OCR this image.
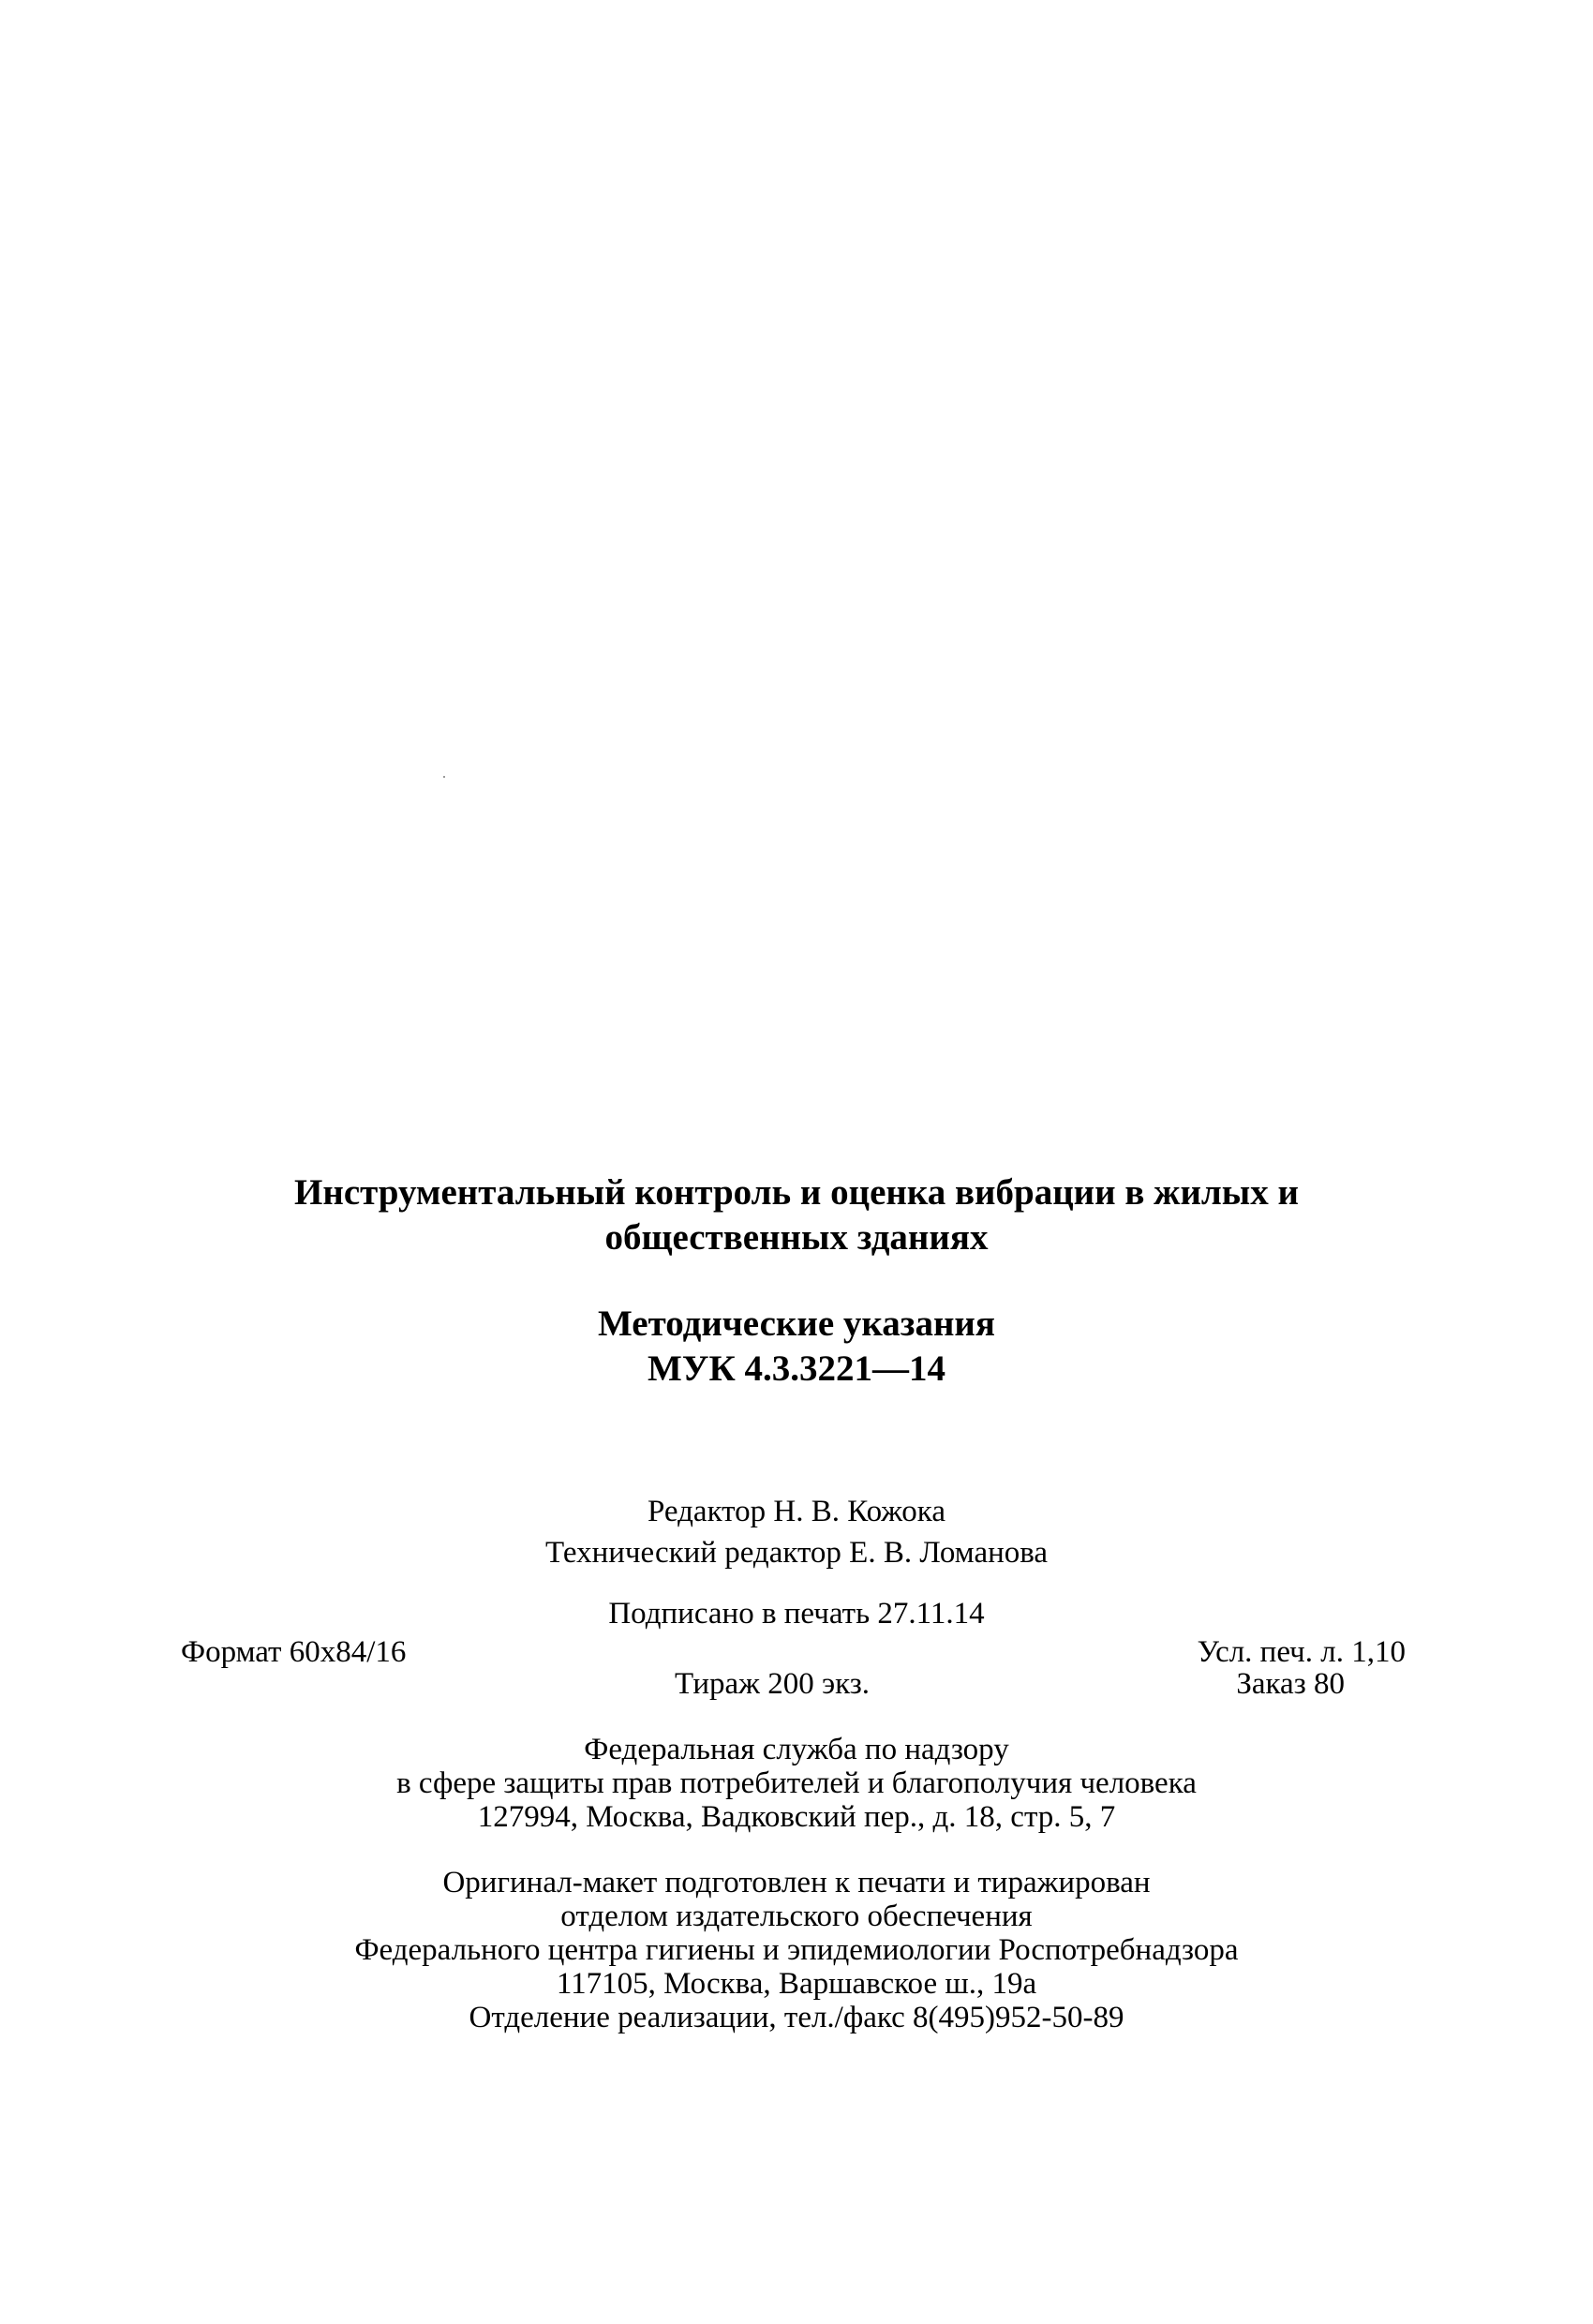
Инструментальный контроль и оценка вибрации в жилых и
общественных зданиях
Методические указания
МУК 4.3.3221—14
Редактор Н. В. Кожока
Технический редактор Е. В. Ломанова
Подписано в печать 27.11.14
Формат 60x84/16	Усл. печ. л. 1,10
Тираж 200 экз.	Заказ 80
Федеральная служба по надзору
в сфере защиты прав потребителей и благополучия человека
127994, Москва, Вадковский пер., д. 18, стр. 5, 7
Оригинал-макет подготовлен к печати и тиражирован
отделом издательского обеспечения
Федерального центра гигиены и эпидемиологии Роспотребнадзора
117105, Москва, Варшавское ш., 19а
Отделение реализации, тел./факс 8(495)952-50-89
